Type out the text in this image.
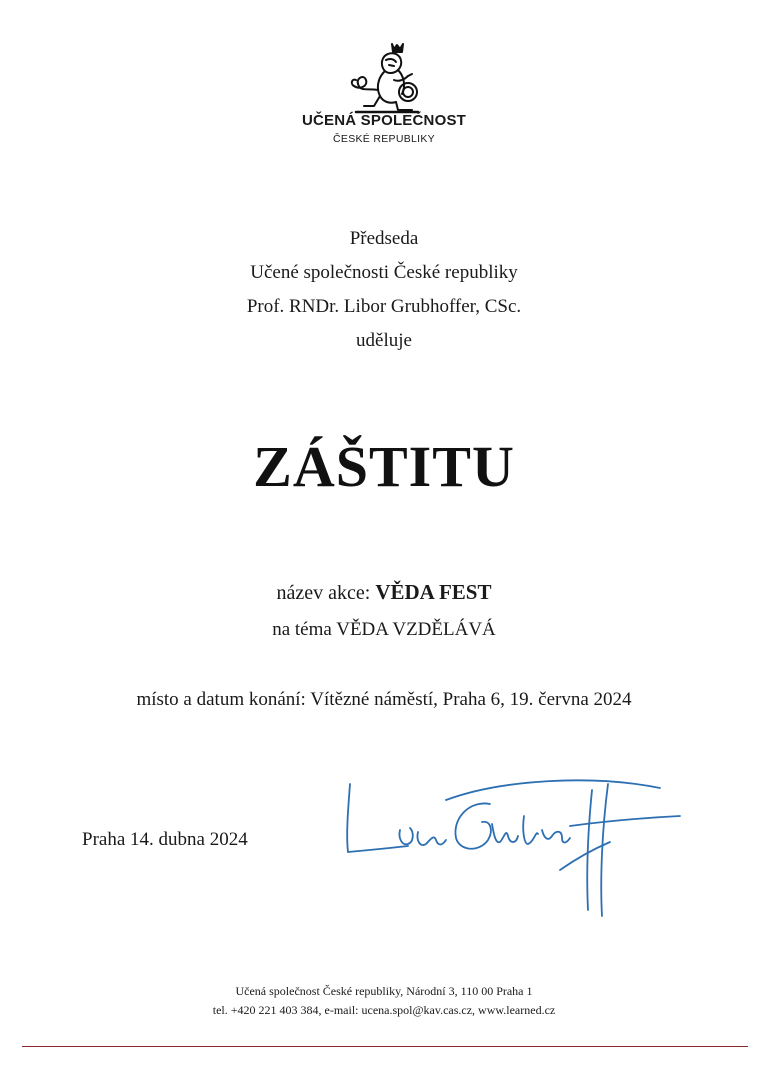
UČENÁ SPOLEČNOST
ČESKÉ REPUBLIKY
Předseda
Učené společnosti České republiky
Prof. RNDr. Libor Grubhoffer, CSc.
uděluje
ZÁŠTITU
název akce: VĚDA FEST
na téma VĚDA VZDĚLÁVÁ
místo a datum konání: Vítězné náměstí, Praha 6, 19. června 2024
Praha 14. dubna 2024
Učená společnost České republiky, Národní 3, 110 00 Praha 1
tel. +420 221 403 384, e-mail: ucena.spol@kav.cas.cz, www.learned.cz
